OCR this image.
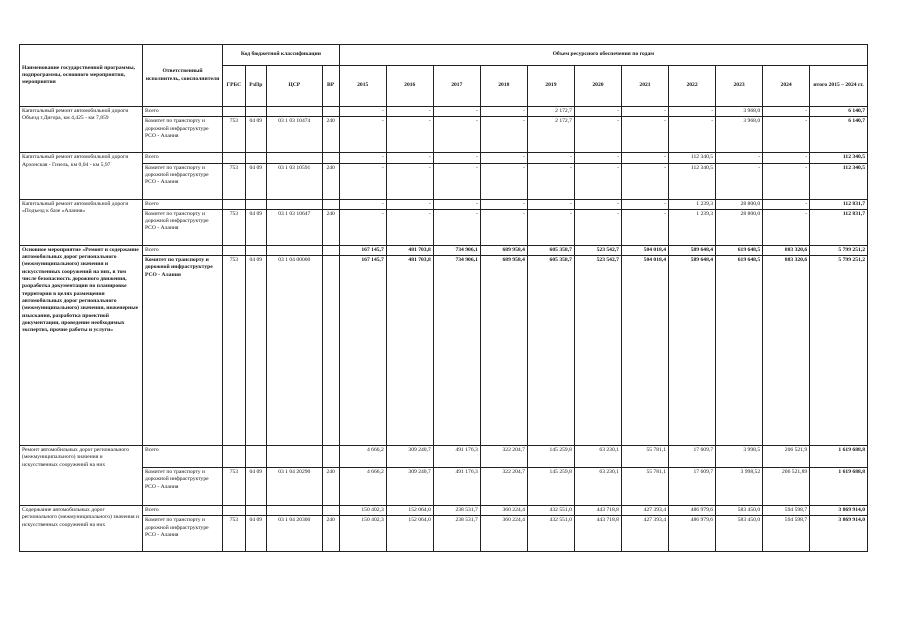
Наименование государственной программы, подпрограммы, основного мероприятия, мероприятия	Ответственный исполнитель, соисполнители	Код бюджетной классификации				Объем ресурсного обеспечения по годам										
		ГРБС	РзПр	ЦСР	ВР	2015	2016	2017	2018	2019	2020	2021	2022	2023	2024	итого 2015 – 2024 гг.
Капитальный ремонт автомобильной дороги Объезд г.Дигора, км 4,425 - км 7,859	Всего					-	-	-	-	2 172,7	-	-	-	3 968,0	-	6 140,7
	Комитет по транспорту и дорожной инфраструктуре РСО - Алания	753	04 09	03 1 03 10474	240	-	-	-	-	2 172,7	-	-	-	3 968,0	-	6 140,7
Капитальный ремонт автомобильной дороги Архонская - Гизель, км 0,04 - км 5,97	Всего					-	-	-	-	-	-	-	112 340,5	-	-	112 340,5
	Комитет по транспорту и дорожной инфраструктуре РСО - Алания	753	04 09	03 1 03 10591	240	-	-	-	-	-	-	-	112 340,5	-	-	112 340,5
Капитальный ремонт автомобильной дороги «Подъезд к базе «Алания»	Всего					-	-	-	-	-	-	-	1 239,3	28 800,0	-	112 831,7
	Комитет по транспорту и дорожной инфраструктуре РСО - Алания	753	04 09	03 1 03 10647	240	-	-	-	-	-	-	-	1 239,3	28 800,0	-	112 831,7
Основное мероприятие «Ремонт и содержание автомобильных дорог регионального (межмуниципального) значения и искусственных сооружений на них, в том числе безопасность дорожного движения, разработка документации по планировке территории в целях размещения автомобильных дорог регионального (межмуниципального) значения, инженерные изыскания, разработка проектной документации, проведение необходимых экспертиз, прочие работы и услуги»	Всего					167 145,7	481 703,8	734 906,1	689 958,4	605 358,7	523 542,7	504 018,4	589 648,4	619 648,5	883 320,6	5 799 251,2
	Комитет по транспорту и дорожной инфраструктуре РСО - Алания	753	04 09	03 1 04 00000		167 145,7	481 703,8	734 906,1	689 958,4	605 358,7	523 542,7	504 018,4	589 648,4	619 648,5	883 320,6	5 799 251,2
Ремонт автомобильных дорог регионального (межмуниципального) значения и искусственных сооружений на них	Всего					4 666,2	309 240,7	491 176,3	322 204,7	145 259,8	63 230,1	55 781,1	17 609,7	3 998,5	206 521,9	1 619 688,8
	Комитет по транспорту и дорожной инфраструктуре РСО - Алания	753	04 09	03 1 04 20290	240	4 666,2	309 240,7	491 176,3	322 204,7	145 259,8	63 230,1	55 781,1	17 609,7	3 998,52	206 521,89	1 619 688,8
Содержание автомобильных дорог регионального (межмуниципального) значения и искусственных сооружений на них	Всего					150 402,3	152 064,0	238 531,7	360 224,4	432 551,0	443 718,8	427 393,4	486 979,6	583 450,0	594 598,7	3 869 914,0
	Комитет по транспорту и дорожной инфраструктуре РСО - Алания	753	04 09	03 1 04 20300	240	150 402,3	152 064,0	238 531,7	360 224,4	432 551,0	443 718,8	427 393,4	486 979,6	583 450,0	594 598,7	3 869 914,0
